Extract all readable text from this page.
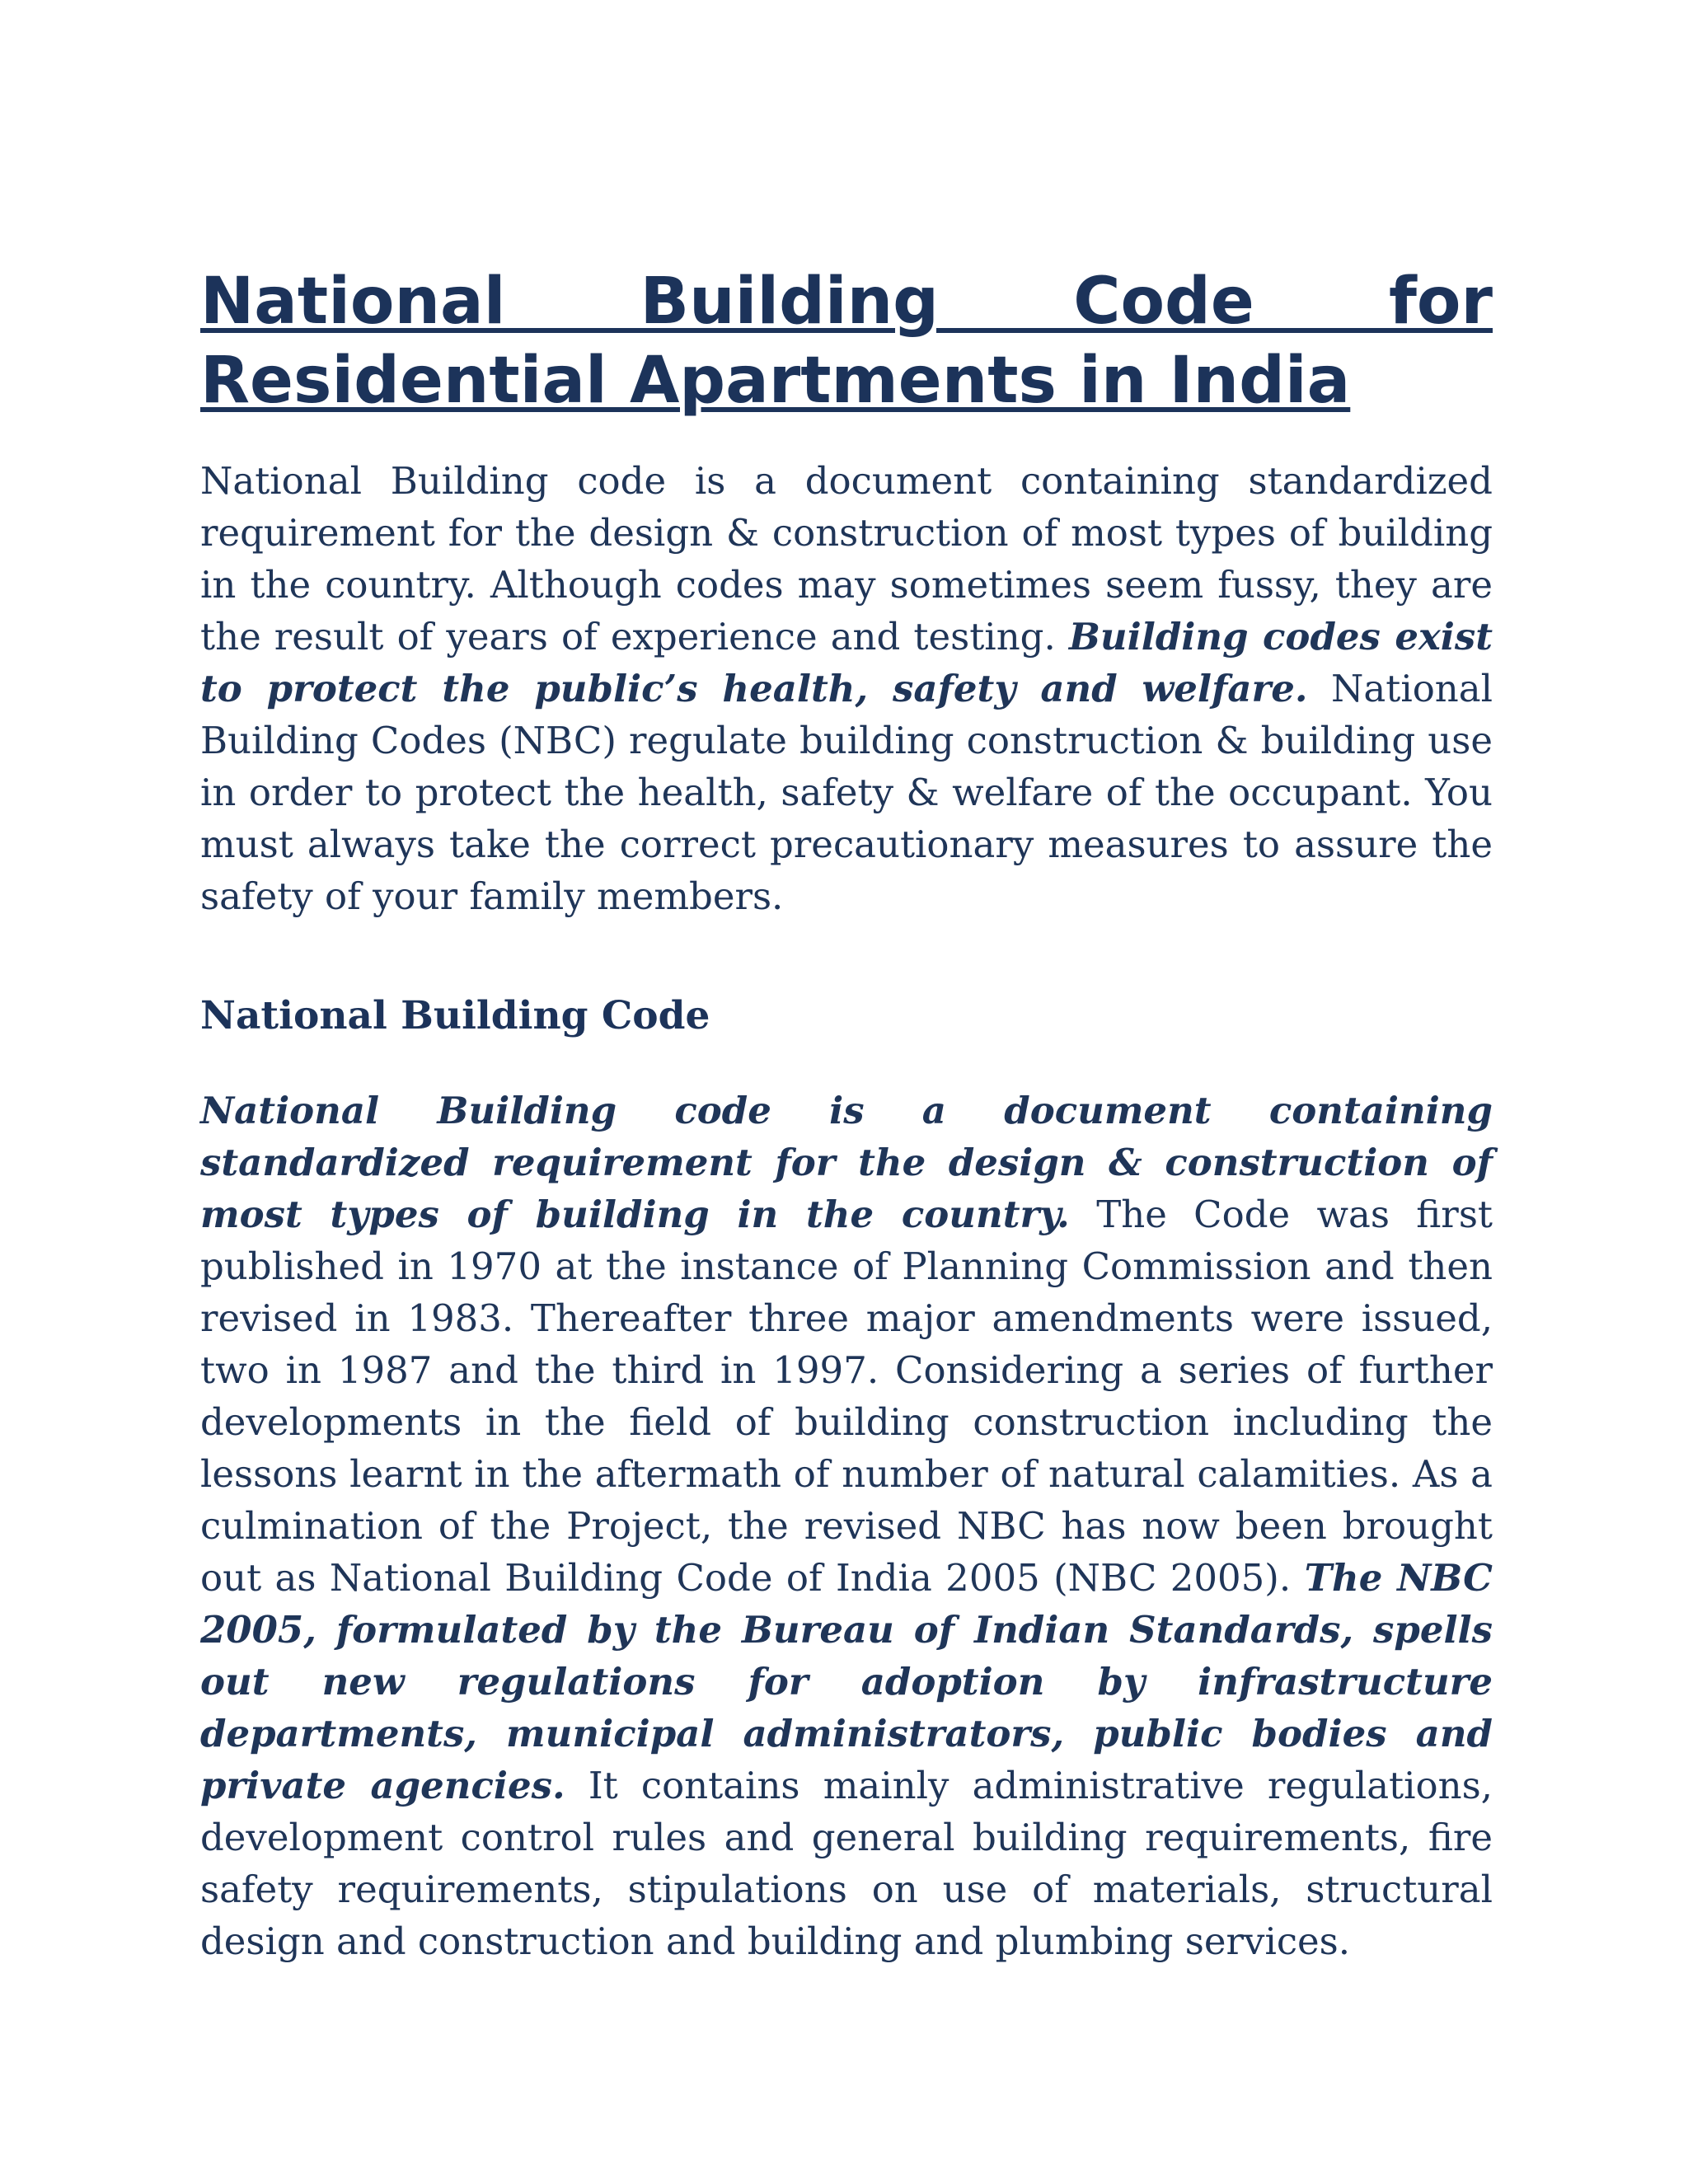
National Building Code for
Residential Apartments in India

National Building code is a document containing standardized requirement for the design & construction of most types of building in the country. Although codes may sometimes seem fussy, they are the result of years of experience and testing. Building codes exist to protect the public’s health, safety and welfare. National Building Codes (NBC) regulate building construction & building use in order to protect the health, safety & welfare of the occupant. You must always take the correct precautionary measures to assure the safety of your family members.

National Building Code

National Building code is a document containing standardized requirement for the design & construction of most types of building in the country. The Code was first published in 1970 at the instance of Planning Commission and then revised in 1983. Thereafter three major amendments were issued, two in 1987 and the third in 1997. Considering a series of further developments in the field of building construction including the lessons learnt in the aftermath of number of natural calamities. As a culmination of the Project, the revised NBC has now been brought out as National Building Code of India 2005 (NBC 2005). The NBC 2005, formulated by the Bureau of Indian Standards, spells out new regulations for adoption by infrastructure departments, municipal administrators, public bodies and private agencies. It contains mainly administrative regulations, development control rules and general building requirements, fire safety requirements, stipulations on use of materials, structural design and construction and building and plumbing services.
